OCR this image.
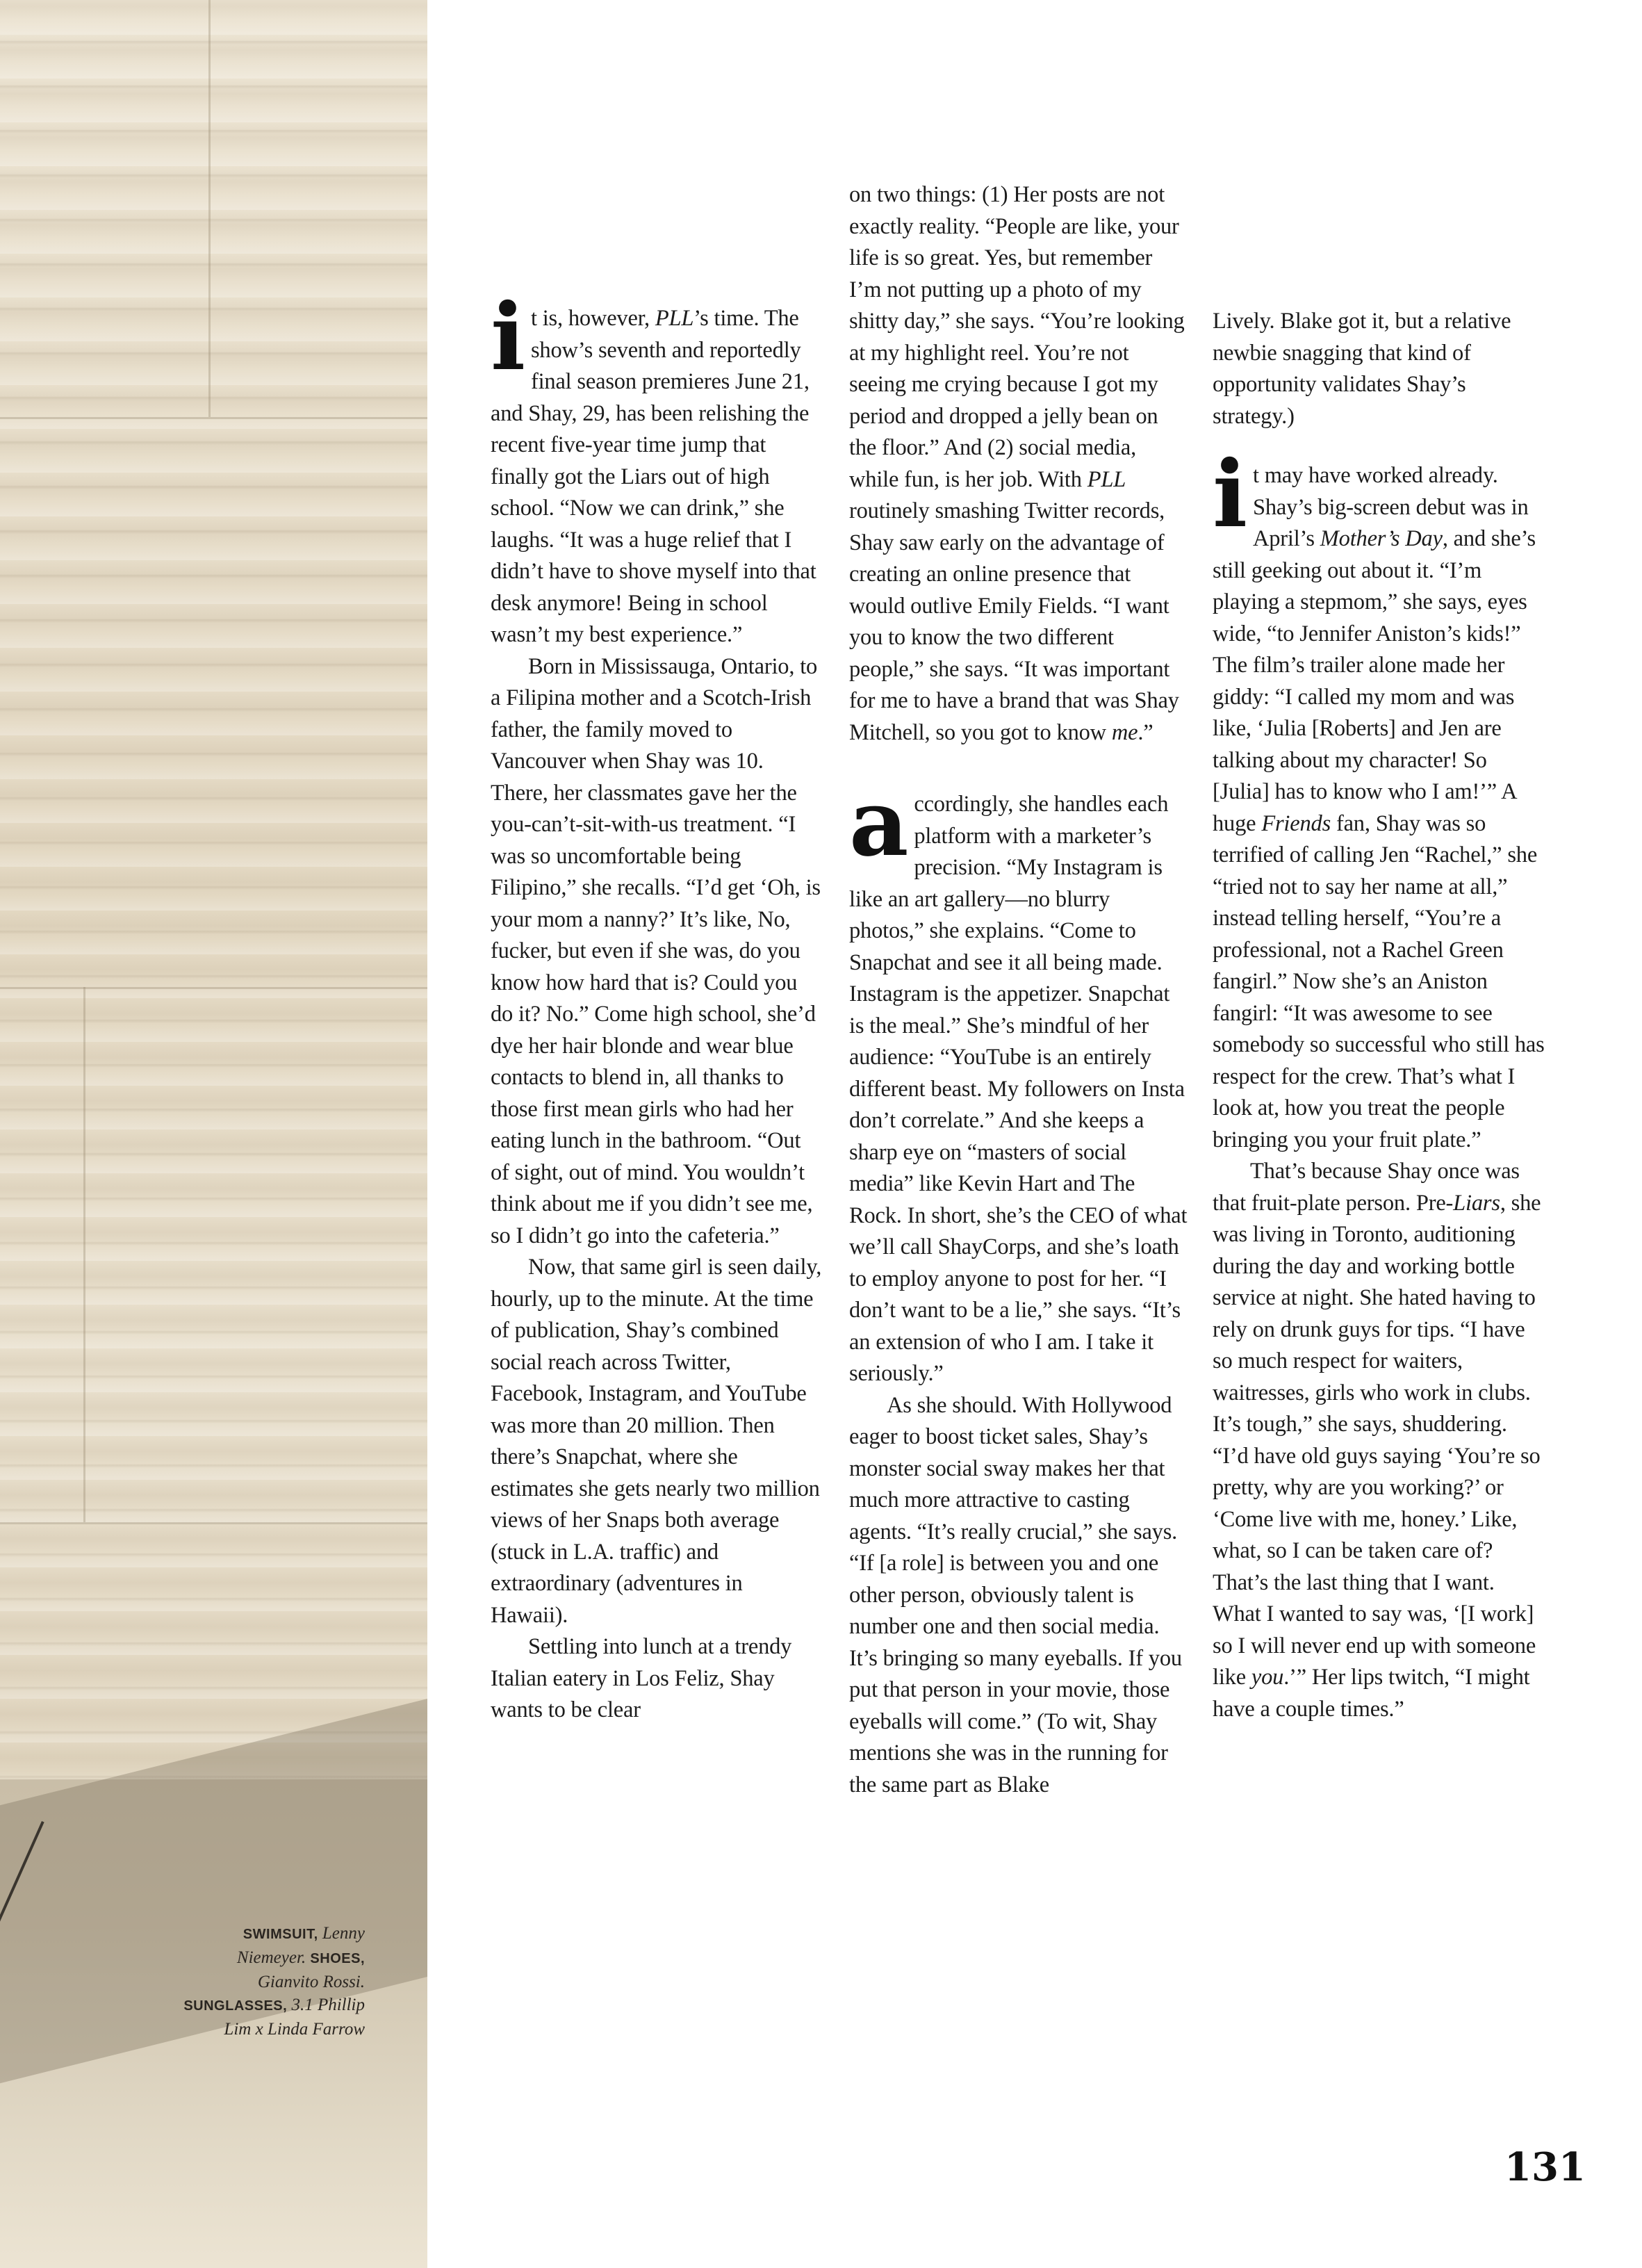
SWIMSUIT, Lenny Niemeyer. SHOES, Gianvito Rossi. SUNGLASSES, 3.1 Phillip Lim x Linda Farrow

it is, however, PLL’s time. The show’s seventh and reportedly final season premieres June 21, and Shay, 29, has been relishing the recent five-year time jump that finally got the Liars out of high school. “Now we can drink,” she laughs. “It was a huge relief that I didn’t have to shove myself into that desk anymore! Being in school wasn’t my best experience.”

Born in Mississauga, Ontario, to a Filipina mother and a Scotch-Irish father, the family moved to Vancouver when Shay was 10. There, her classmates gave her the you-can’t-sit-with-us treatment. “I was so uncomfortable being Filipino,” she recalls. “I’d get ‘Oh, is your mom a nanny?’ It’s like, No, fucker, but even if she was, do you know how hard that is? Could you do it? No.” Come high school, she’d dye her hair blonde and wear blue contacts to blend in, all thanks to those first mean girls who had her eating lunch in the bathroom. “Out of sight, out of mind. You wouldn’t think about me if you didn’t see me, so I didn’t go into the cafeteria.”

Now, that same girl is seen daily, hourly, up to the minute. At the time of publication, Shay’s combined social reach across Twitter, Facebook, Instagram, and YouTube was more than 20 million. Then there’s Snapchat, where she estimates she gets nearly two million views of her Snaps both average (stuck in L.A. traffic) and extraordinary (adventures in Hawaii).

Settling into lunch at a trendy Italian eatery in Los Feliz, Shay wants to be clear

on two things: (1) Her posts are not exactly reality. “People are like, your life is so great. Yes, but remember I’m not putting up a photo of my shitty day,” she says. “You’re looking at my highlight reel. You’re not seeing me crying because I got my period and dropped a jelly bean on the floor.” And (2) social media, while fun, is her job. With PLL routinely smashing Twitter records, Shay saw early on the advantage of creating an online presence that would outlive Emily Fields. “I want you to know the two different people,” she says. “It was important for me to have a brand that was Shay Mitchell, so you got to know me.”

accordingly, she handles each platform with a marketer’s precision. “My Instagram is like an art gallery—no blurry photos,” she explains. “Come to Snapchat and see it all being made. Instagram is the appetizer. Snapchat is the meal.” She’s mindful of her audience: “YouTube is an entirely different beast. My followers on Insta don’t correlate.” And she keeps a sharp eye on “masters of social media” like Kevin Hart and The Rock. In short, she’s the CEO of what we’ll call ShayCorps, and she’s loath to employ anyone to post for her. “I don’t want to be a lie,” she says. “It’s an extension of who I am. I take it seriously.”

As she should. With Hollywood eager to boost ticket sales, Shay’s monster social sway makes her that much more attractive to casting agents. “It’s really crucial,” she says. “If [a role] is between you and one other person, obviously talent is number one and then social media. It’s bringing so many eyeballs. If you put that person in your movie, those eyeballs will come.” (To wit, Shay mentions she was in the running for the same part as Blake

Lively. Blake got it, but a relative newbie snagging that kind of opportunity validates Shay’s strategy.)

it may have worked already. Shay’s big-screen debut was in April’s Mother’s Day, and she’s still geeking out about it. “I’m playing a stepmom,” she says, eyes wide, “to Jennifer Aniston’s kids!” The film’s trailer alone made her giddy: “I called my mom and was like, ‘Julia [Roberts] and Jen are talking about my character! So [Julia] has to know who I am!’” A huge Friends fan, Shay was so terrified of calling Jen “Rachel,” she “tried not to say her name at all,” instead telling herself, “You’re a professional, not a Rachel Green fangirl.” Now she’s an Aniston fangirl: “It was awesome to see somebody so successful who still has respect for the crew. That’s what I look at, how you treat the people bringing you your fruit plate.”

That’s because Shay once was that fruit-plate person. Pre-Liars, she was living in Toronto, auditioning during the day and working bottle service at night. She hated having to rely on drunk guys for tips. “I have so much respect for waiters, waitresses, girls who work in clubs. It’s tough,” she says, shuddering. “I’d have old guys saying ‘You’re so pretty, why are you working?’ or ‘Come live with me, honey.’ Like, what, so I can be taken care of? That’s the last thing that I want. What I wanted to say was, ‘[I work] so I will never end up with someone like you.’” Her lips twitch, “I might have a couple times.”

131
